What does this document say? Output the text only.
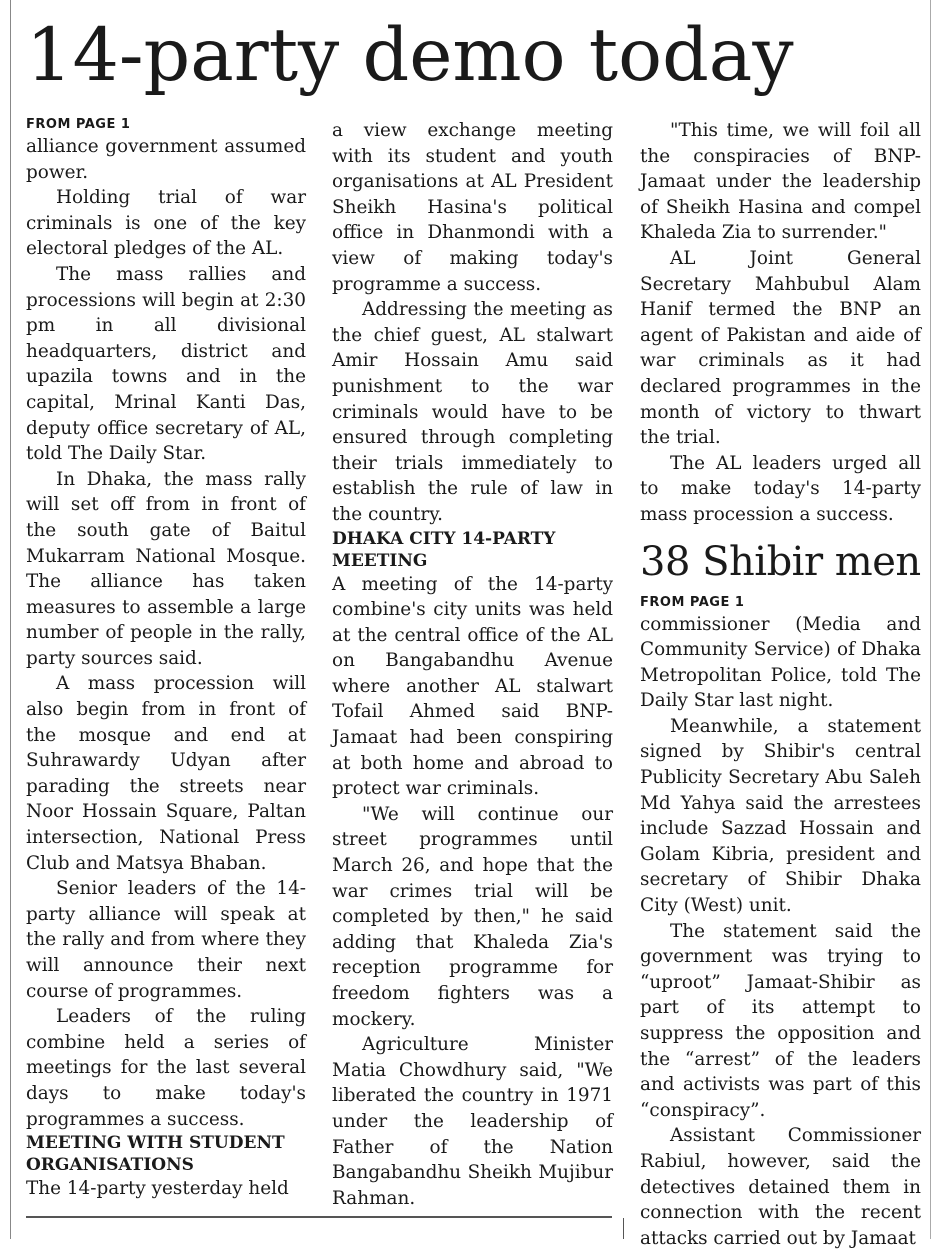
14-party demo today
FROM PAGE 1

alliance government assumed power.

Holding trial of war criminals is one of the key electoral pledges of the AL.

The mass rallies and processions will begin at 2:30 pm in all divisional headquarters, district and upazila towns and in the capital, Mrinal Kanti Das, deputy office secretary of AL, told The Daily Star.

In Dhaka, the mass rally will set off from in front of the south gate of Baitul Mukarram National Mosque. The alliance has taken measures to assemble a large number of people in the rally, party sources said.

A mass procession will also begin from in front of the mosque and end at Suhrawardy Udyan after parading the streets near Noor Hossain Square, Paltan intersection, National Press Club and Matsya Bhaban.

Senior leaders of the 14-party alliance will speak at the rally and from where they will announce their next course of programmes.

Leaders of the ruling combine held a series of meetings for the last several days to make today's programmes a success.

MEETING WITH STUDENT ORGANISATIONS

The 14-party yesterday held

a view exchange meeting with its student and youth organisations at AL President Sheikh Hasina's political office in Dhanmondi with a view of making today's programme a success.

Addressing the meeting as the chief guest, AL stalwart Amir Hossain Amu said punishment to the war criminals would have to be ensured through completing their trials immediately to establish the rule of law in the country.

DHAKA CITY 14-PARTY MEETING

A meeting of the 14-party combine's city units was held at the central office of the AL on Bangabandhu Avenue where another AL stalwart Tofail Ahmed said BNP-Jamaat had been conspiring at both home and abroad to protect war criminals.

"We will continue our street programmes until March 26, and hope that the war crimes trial will be completed by then," he said adding that Khaleda Zia's reception programme for freedom fighters was a mockery.

Agriculture Minister Matia Chowdhury said, "We liberated the country in 1971 under the leadership of Father of the Nation Bangabandhu Sheikh Mujibur Rahman.

"This time, we will foil all the conspiracies of BNP-Jamaat under the leadership of Sheikh Hasina and compel Khaleda Zia to surrender."

AL Joint General Secretary Mahbubul Alam Hanif termed the BNP an agent of Pakistan and aide of war criminals as it had declared programmes in the month of victory to thwart the trial.

The AL leaders urged all to make today's 14-party mass procession a success.

38 Shibir men
FROM PAGE 1

commissioner (Media and Community Service) of Dhaka Metropolitan Police, told The Daily Star last night.

Meanwhile, a statement signed by Shibir's central Publicity Secretary Abu Saleh Md Yahya said the arrestees include Sazzad Hossain and Golam Kibria, president and secretary of Shibir Dhaka City (West) unit.

The statement said the government was trying to “uproot” Jamaat-Shibir as part of its attempt to suppress the opposition and the “arrest” of the leaders and activists was part of this “conspiracy”.

Assistant Commissioner Rabiul, however, said the detectives detained them in connection with the recent attacks carried out by Jamaat
